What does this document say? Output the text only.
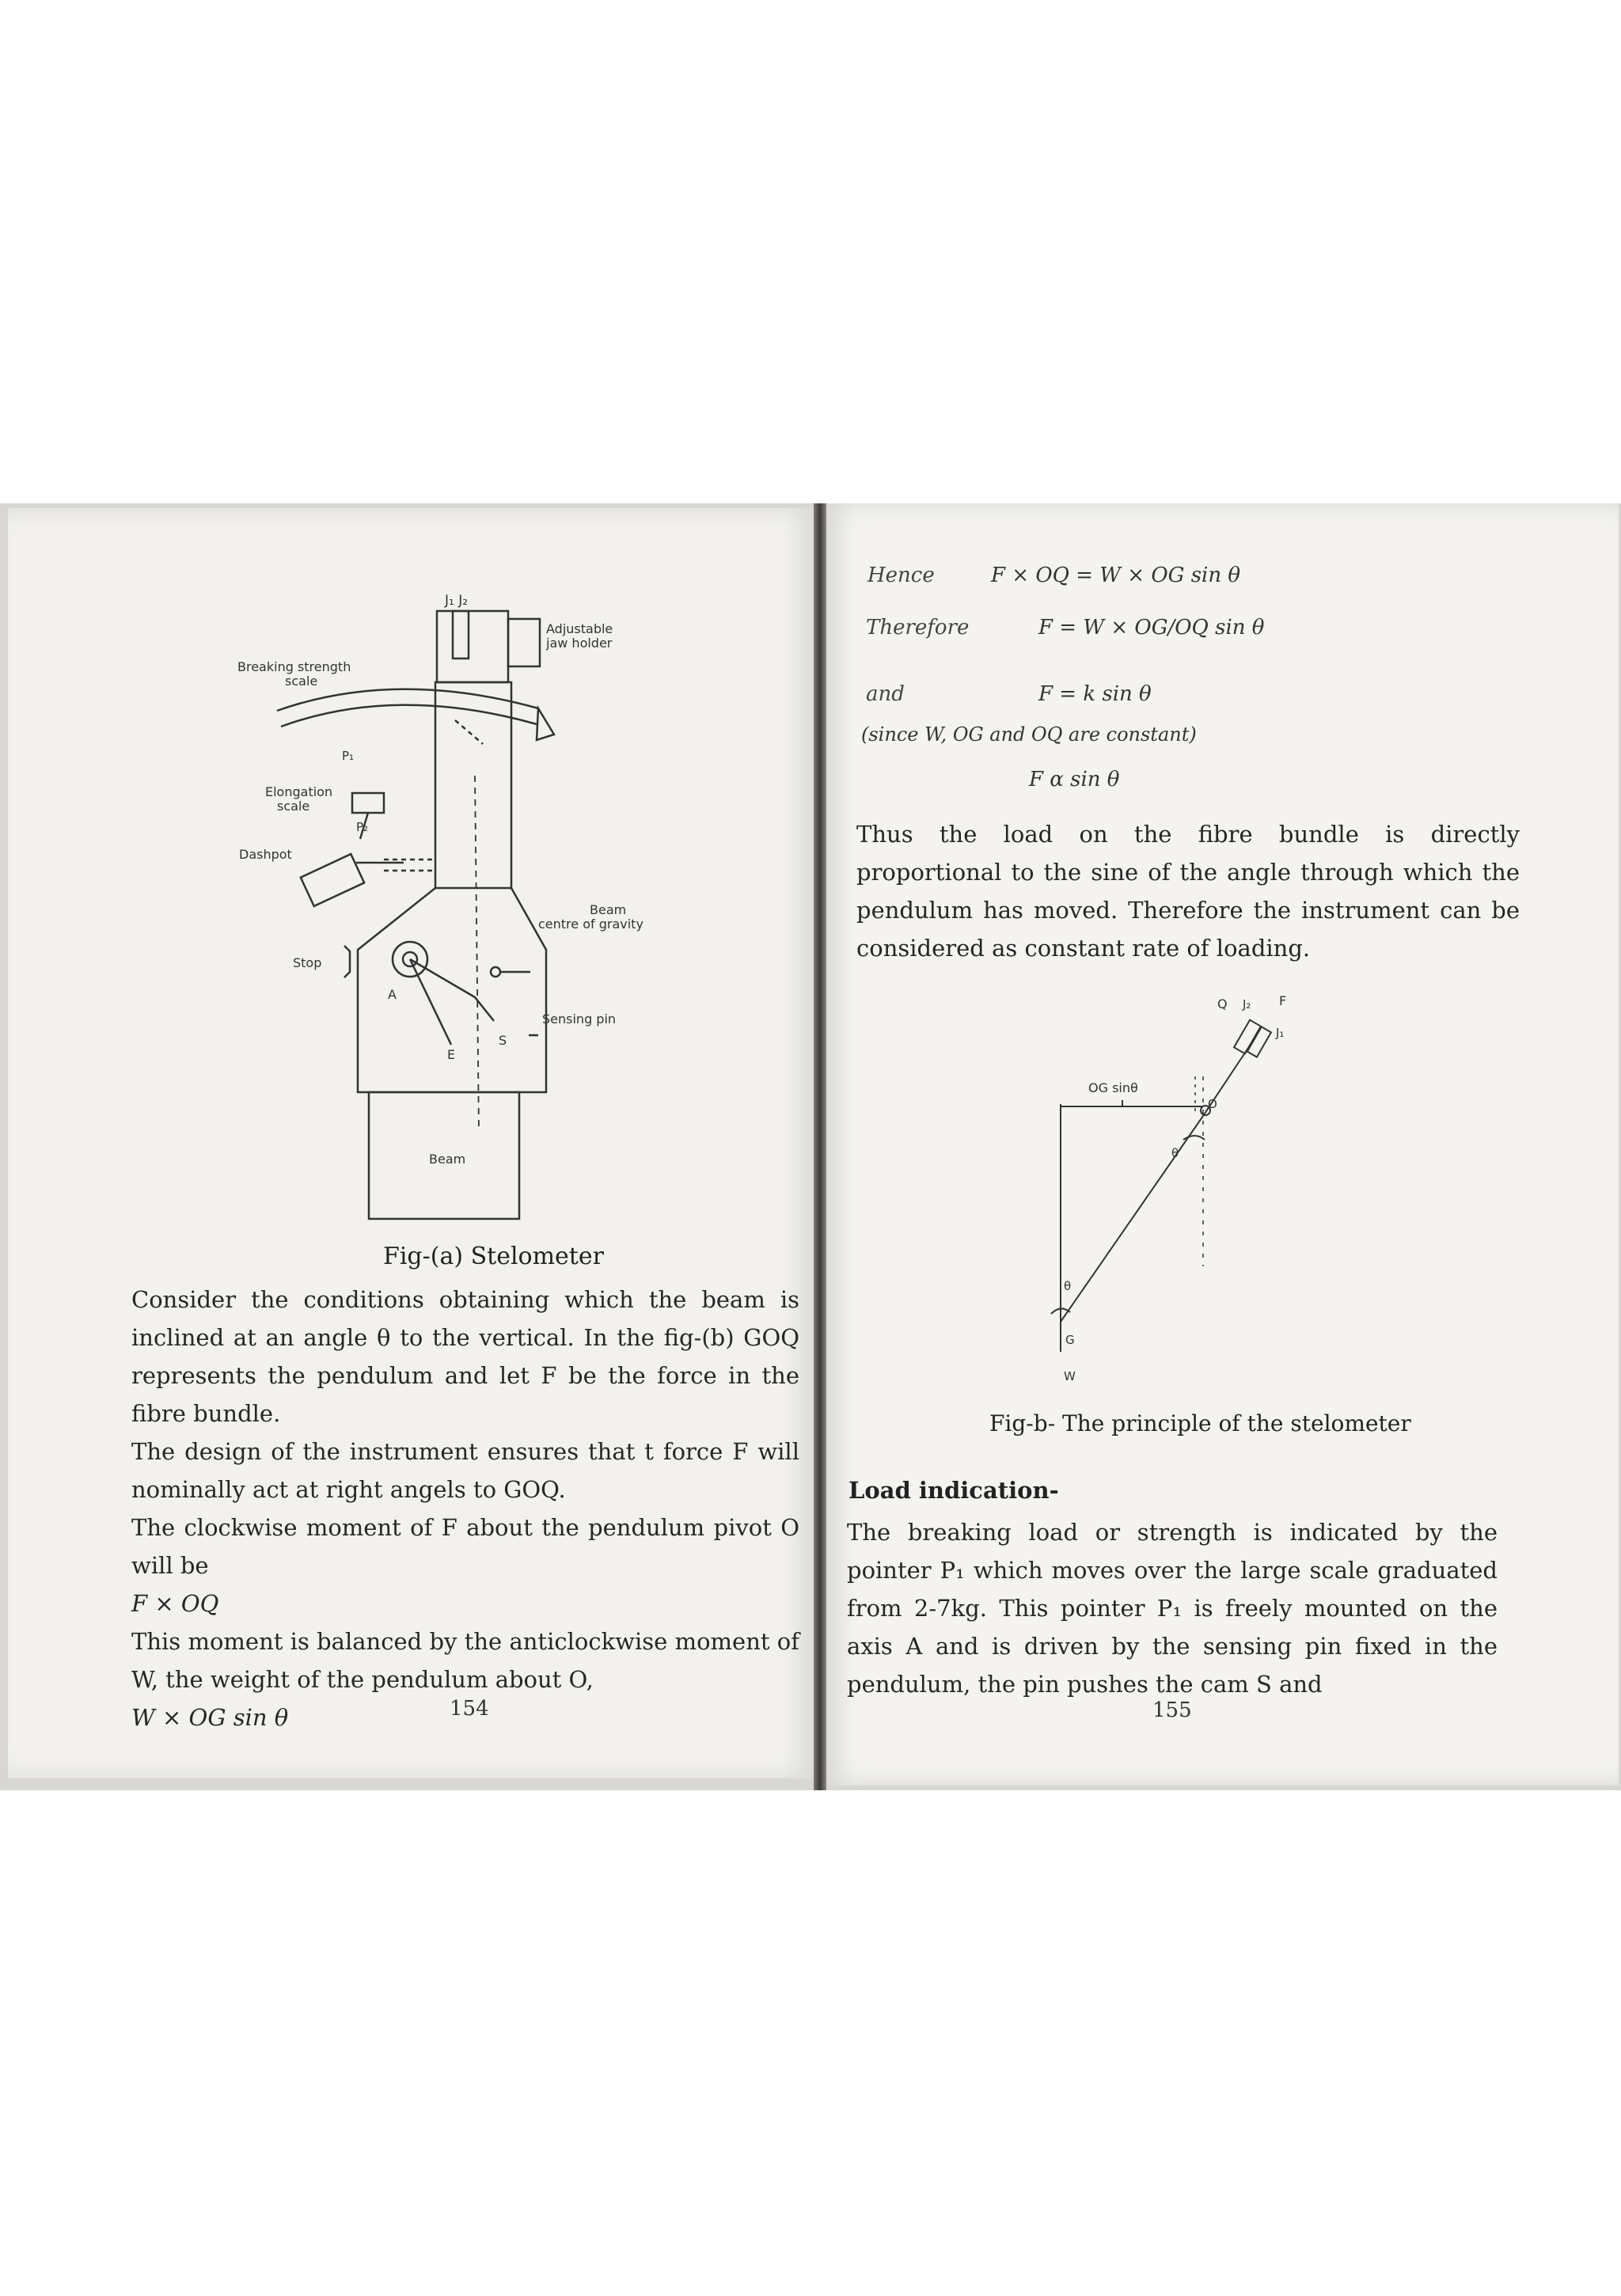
J₁ J₂
Adjustable
jaw holder
Breaking strength
scale
Elongation
scale
Dashpot
Beam
centre of gravity
Stop
Sensing pin
A
E
S
Beam
P₁
P₂
Fig-(a) Stelometer

Consider the conditions obtaining which the beam is inclined at an angle θ to the vertical. In the fig-(b) GOQ represents the pendulum and let F be the force in the fibre bundle.

The design of the instrument ensures that t force F will nominally act at right angels to GOQ.

The clockwise moment of F about the pendulum pivot O will be

F × OQ

This moment is balanced by the anticlockwise moment of W, the weight of the pendulum about O,

W × OG sin θ	154
Hence	F × OQ = W × OG sin θ
Therefore	F = W × OG/OQ sin θ
and	F = k sin θ
(since W, OG and OQ are constant)
F α sin θ

Thus the load on the fibre bundle is directly proportional to the sine of the angle through which the pendulum has moved. Therefore the instrument can be considered as constant rate of loading.

OG sinθ
Q J₂ F
J₁
O
θ
θ
G
W
Fig-b- The principle of the stelometer
Load indication-

The breaking load or strength is indicated by the pointer P₁ which moves over the large scale graduated from 2-7kg. This pointer P₁ is freely mounted on the axis A and is driven by the sensing pin fixed in the pendulum, the pin pushes the cam S and

155
